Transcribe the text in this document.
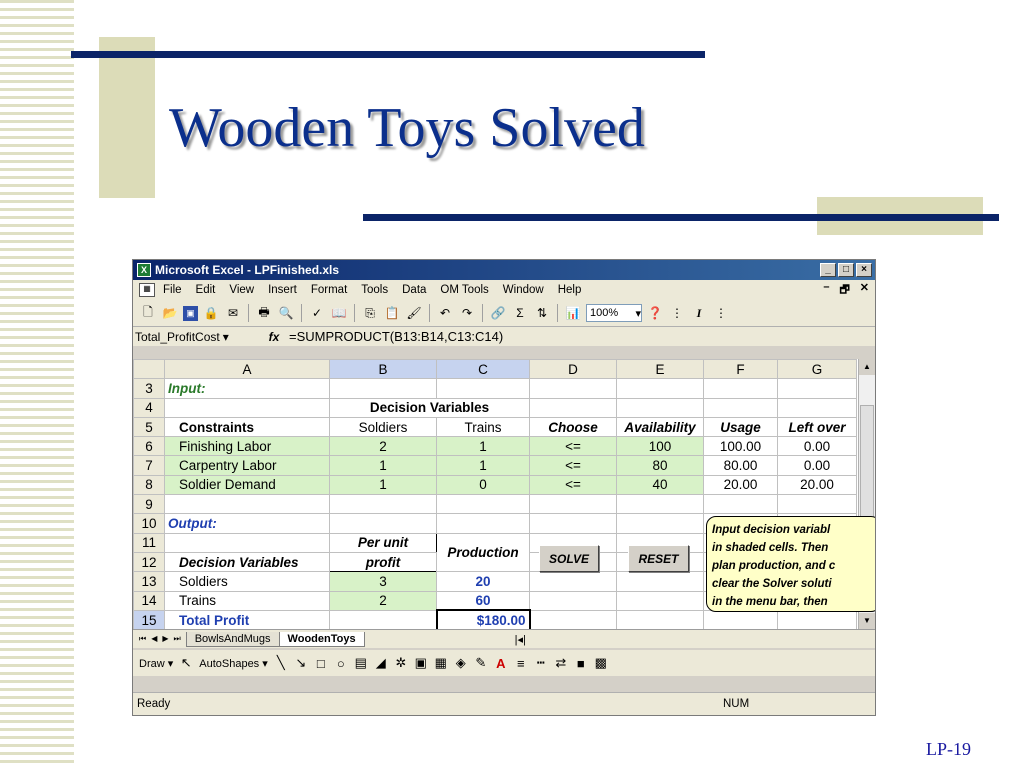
Wooden Toys Solved
LP-19
X Microsoft Excel - LPFinished.xls	_	□	×
▦	File Edit View Insert Format Tools Data OM Tools Window Help	– 🗗 ✕
🗋 📂 ▣ 🔒 ✉	🖶 🔍	✓ 📖	⎘ 📋 🖌	↶ ↷	🔗 Σ	⇅	📊 100% ▾ ❓ ⋮	I	⋮
Total_ProfitCost ▾	fx =SUMPRODUCT(B13:B14,C13:C14)
	A	B	C	D	E	F	G
3	Input:						
4		Decision Variables					
5	Constraints	Soldiers	Trains	Choose	Availability	Usage	Left over
6	Finishing Labor	2	1	<=	100	100.00	0.00
7	Carpentry Labor	1	1	<=	80	80.00	0.00
8	Soldier Demand	1	0	<=	40	20.00	20.00
9							
10	Output:						
11		Per unit	Production				
12	Decision Variables	profit					
13	Soldiers	3	20				
14	Trains	2	60				
15	Total Profit		$180.00				
▲
▼
SOLVE	RESET
Input decision variabl
in shaded cells. Then
plan production, and c
clear the Solver soluti
in the menu bar, then
⏮ ◀ ▶ ⏭	BowlsAndMugs	WoodenToys	|◂|
Draw ▾ ↖ AutoShapes ▾ ╲ ↘ □ ○ ▤ ◢ ✲ ▣ ▦ ◈ ✎ A ≡ ┅ ⇄ ■ ▩
Ready	NUM
